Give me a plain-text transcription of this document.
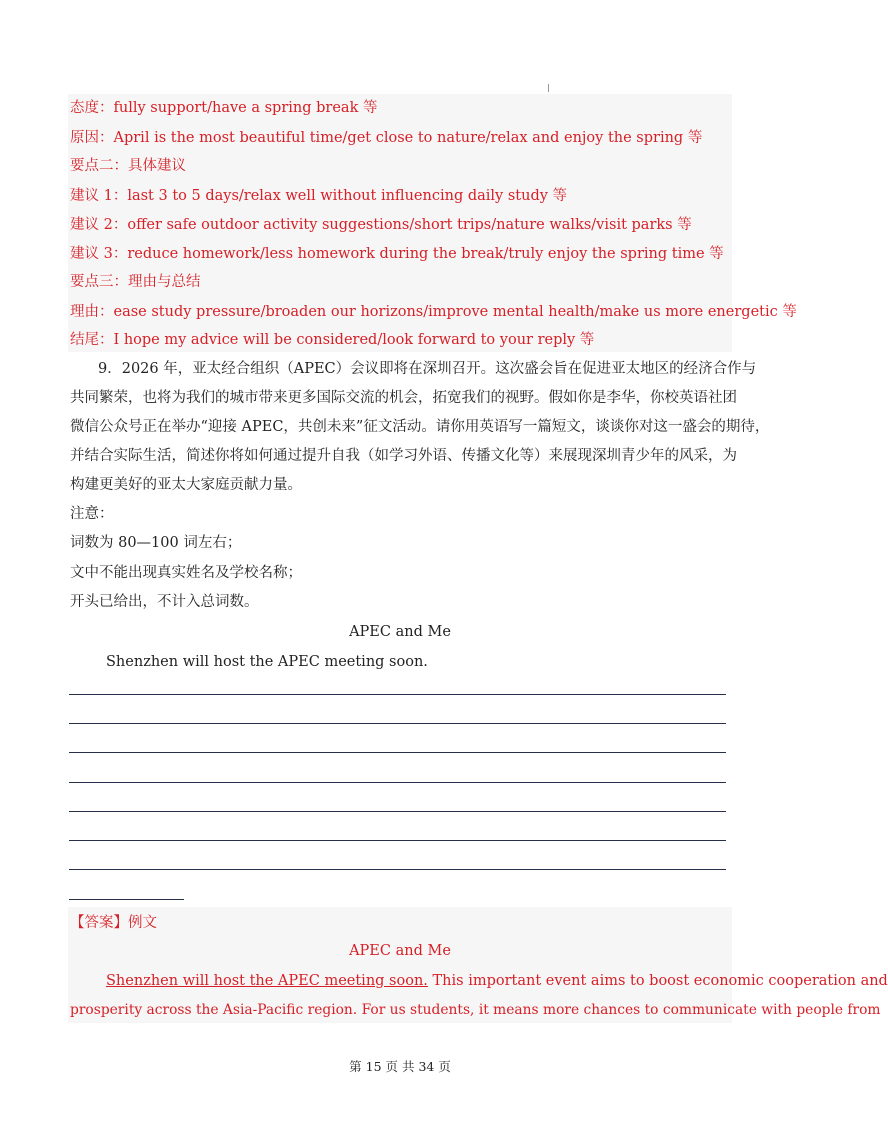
态度：fully support/have a spring break 等
原因：April is the most beautiful time/get close to nature/relax and enjoy the spring 等
要点二：具体建议
建议 1：last 3 to 5 days/relax well without influencing daily study 等
建议 2：offer safe outdoor activity suggestions/short trips/nature walks/visit parks 等
建议 3：reduce homework/less homework during the break/truly enjoy the spring time 等
要点三：理由与总结
理由：ease study pressure/broaden our horizons/improve mental health/make us more energetic 等
结尾：I hope my advice will be considered/look forward to your reply 等
9．2026 年，亚太经合组织（APEC）会议即将在深圳召开。这次盛会旨在促进亚太地区的经济合作与
共同繁荣，也将为我们的城市带来更多国际交流的机会，拓宽我们的视野。假如你是李华，你校英语社团
微信公众号正在举办“迎接 APEC，共创未来”征文活动。请你用英语写一篇短文，谈谈你对这一盛会的期待，
并结合实际生活，简述你将如何通过提升自我（如学习外语、传播文化等）来展现深圳青少年的风采，为
构建更美好的亚太大家庭贡献力量。
注意：
词数为 80—100 词左右；
文中不能出现真实姓名及学校名称；
开头已给出，不计入总词数。
APEC and Me
Shenzhen will host the APEC meeting soon.
【答案】例文
APEC and Me
Shenzhen will host the APEC meeting soon. This important event aims to boost economic cooperation and
prosperity across the Asia-Pacific region. For us students, it means more chances to communicate with people from
第 15 页 共 34 页
